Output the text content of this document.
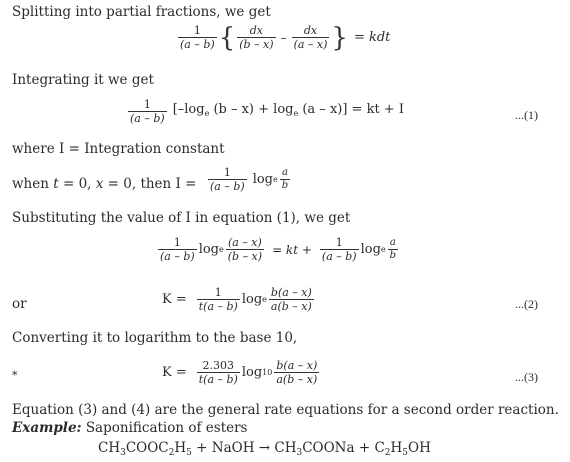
Splitting into partial fractions, we get
$\frac{1}{(a - b)}$ { $\frac{dx}{(b - x)} - \frac{dx}{(a - x)}$ } = kdt
Integrating it we get
$\frac{1}{(a - b)} [-\log_e$ $(b - x) + \log_e (a - x)$] = kt + I	...(1)
where I = Integration constant
when t = 0, x = 0, then $I = \frac{1}{(a - b)}$ log e $\frac{a}{b}$
Substituting the value of I in equation (1), we get
$\frac{1}{(a - b)}$ log e $\frac{(a - x)}{(b - x)}$ = kt + $\frac{1}{(a - b)}$ log e $\frac{a}{b}$
or	$K = \frac{1}{t(a - b)}$ log e $\frac{b(a - x)}{a(b - x)}$	...(2)
Converting it to logarithm to the base 10,
*	$K = \frac{2.303}{t(a - b)}$ $\log 10 \frac{b(a - x)}{a(b - x)}$	...(3)
Equation (3) and (4) are the general rate equations for a second order reaction.
Example: Saponification of esters
$CH_3COOC_2H_5$ + NaOH → $CH_3COONa + C_2H_5OH$
